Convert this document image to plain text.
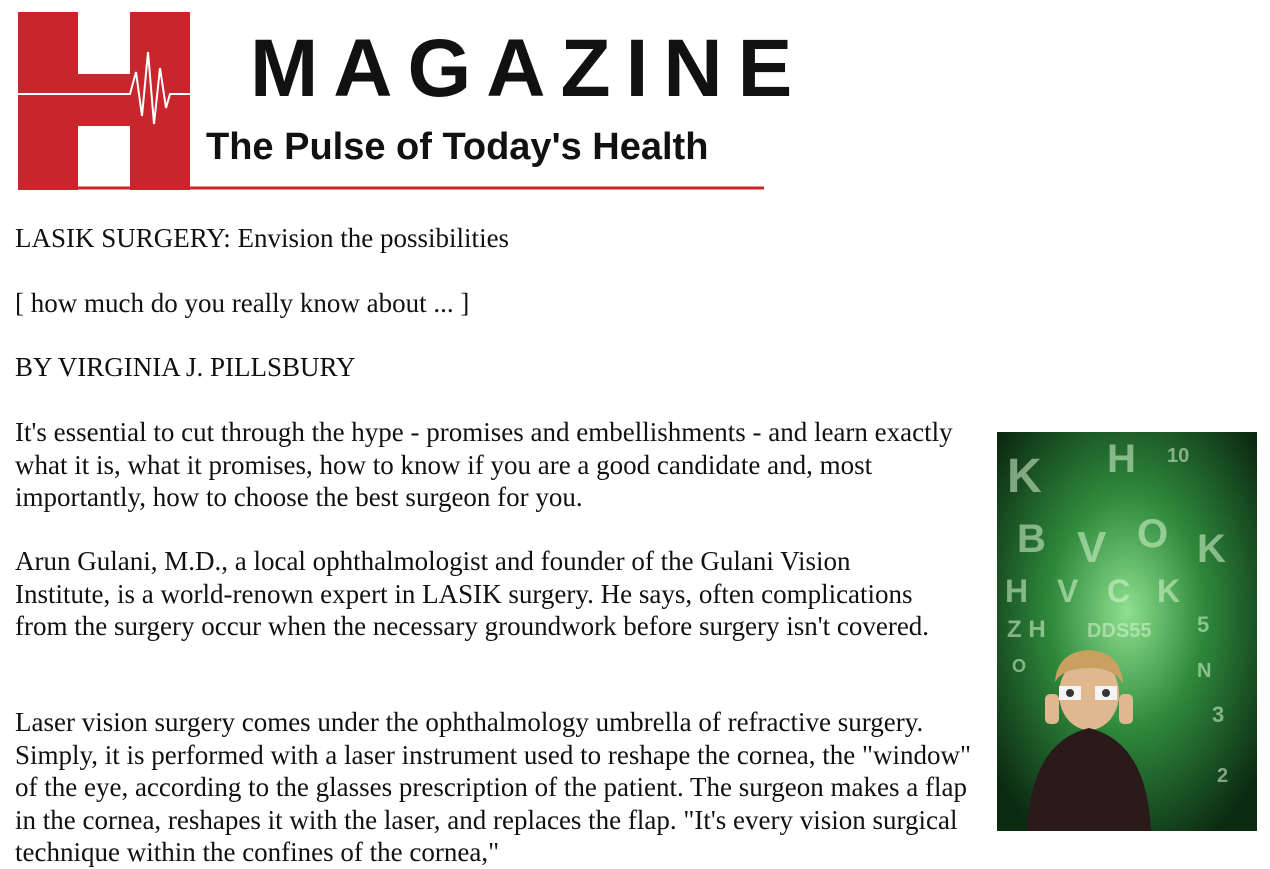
MAGAZINE
The Pulse of Today's Health
LASIK SURGERY: Envision the possibilities
[ how much do you really know about ... ]
BY VIRGINIA J. PILLSBURY

It's essential to cut through the hype - promises and embellishments - and learn exactly what it is, what it promises, how to know if you are a good candidate and, most importantly, how to choose the best surgeon for you.

Arun Gulani, M.D., a local ophthalmologist and founder of the Gulani Vision Institute, is a world-renown expert in LASIK surgery. He says, often complications from the surgery occur when the necessary groundwork before surgery isn't covered.

Laser vision surgery comes under the ophthalmology umbrella of refractive surgery. Simply, it is performed with a laser instrument used to reshape the cornea, the "window" of the eye, according to the glasses prescription of the patient. The surgeon makes a flap in the cornea, reshapes it with the laser, and replaces the flap. "It's every vision surgical technique within the confines of the cornea,"

K H 10
B V O K
H V C K
Z H DDS55 5
O	N
3
2
